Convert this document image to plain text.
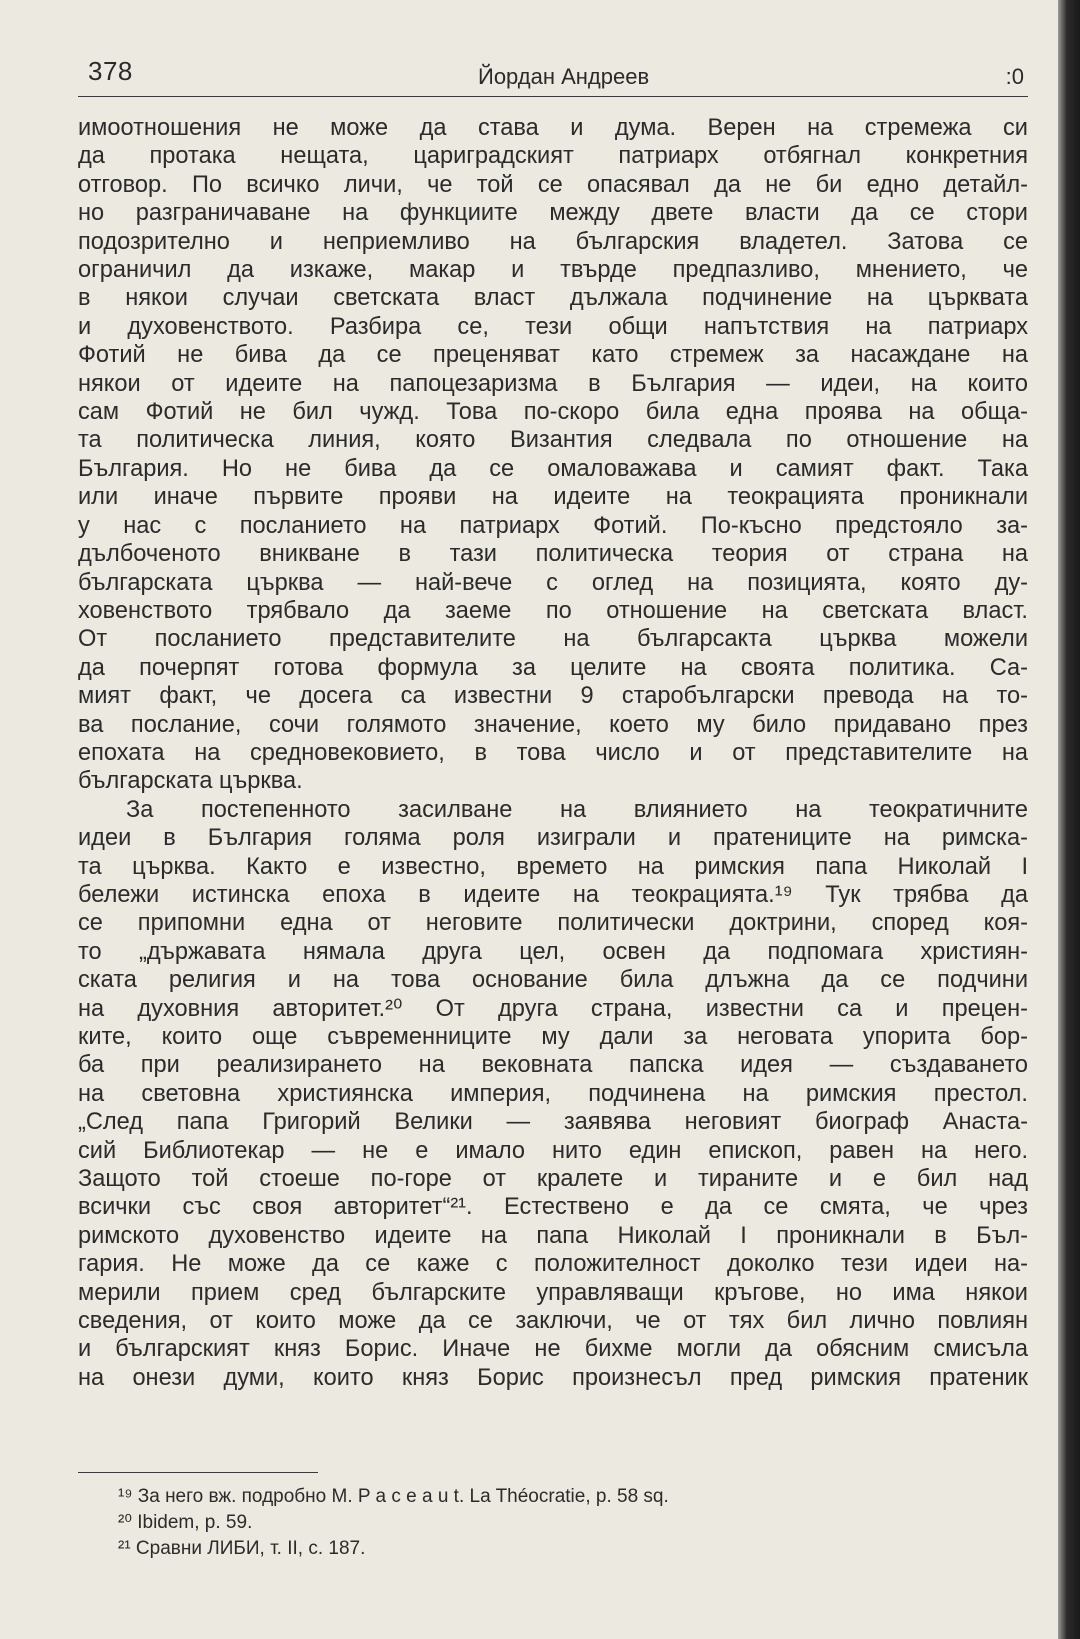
378	Йордан Андреев	:0
имоотношения не може да става и дума. Верен на стремежа си
да протака нещата, цариградският патриарх отбягнал конкретния
отговор. По всичко личи, че той се опасявал да не би едно детайл-
но разграничаване на функциите между двете власти да се стори
подозрително и неприемливо на българския владетел. Затова се
ограничил да изкаже, макар и твърде предпазливо, мнението, че
в някои случаи светската власт дължала подчинение на църквата
и духовенството. Разбира се, тези общи напътствия на патриарх
Фотий не бива да се преценяват като стремеж за насаждане на
някои от идеите на папоцезаризма в България — идеи, на които
сам Фотий не бил чужд. Това по-скоро била една проява на обща-
та политическа линия, която Византия следвала по отношение на
България. Но не бива да се омаловажава и самият факт. Така
или иначе първите прояви на идеите на теокрацията проникнали
у нас с посланието на патриарх Фотий. По-късно предстояло за-
дълбоченото вникване в тази политическа теория от страна на
българската църква — най-вече с оглед на позицията, която ду-
ховенството трябвало да заеме по отношение на светската власт.
От посланието представителите на българсакта църква можели
да почерпят готова формула за целите на своята политика. Са-
мият факт, че досега са известни 9 старобългарски превода на то-
ва послание, сочи голямото значение, което му било придавано през
епохата на средновековието, в това число и от представителите на
българската църква.
За постепенното засилване на влиянието на теократичните
идеи в България голяма роля изиграли и пратениците на римска-
та църква. Както е известно, времето на римския папа Николай I
бележи истинска епоха в идеите на теокрацията.¹⁹ Тук трябва да
се припомни една от неговите политически доктрини, според коя-
то „държавата нямала друга цел, освен да подпомага християн-
ската религия и на това основание била длъжна да се подчини
на духовния авторитет.²⁰ От друга страна, известни са и прецен-
ките, които още съвременниците му дали за неговата упорита бор-
ба при реализирането на вековната папска идея — създаването
на световна християнска империя, подчинена на римския престол.
„След папа Григорий Велики — заявява неговият биограф Анаста-
сий Библиотекар — не е имало нито един епископ, равен на него.
Защото той стоеше по-горе от кралете и тираните и е бил над
всички със своя авторитет“²¹. Естествено е да се смята, че чрез
римското духовенство идеите на папа Николай I проникнали в Бъл-
гария. Не може да се каже с положителност доколко тези идеи на-
мерили прием сред българските управляващи кръгове, но има някои
сведения, от които може да се заключи, че от тях бил лично повлиян
и българският княз Борис. Иначе не бихме могли да обясним смисъла
на онези думи, които княз Борис произнесъл пред римския пратеник
¹⁹ За него вж. подробно M. P a c e a u t. La Théocratie, p. 58 sq.
²⁰ Ibidem, p. 59.
²¹ Сравни ЛИБИ, т. II, с. 187.
